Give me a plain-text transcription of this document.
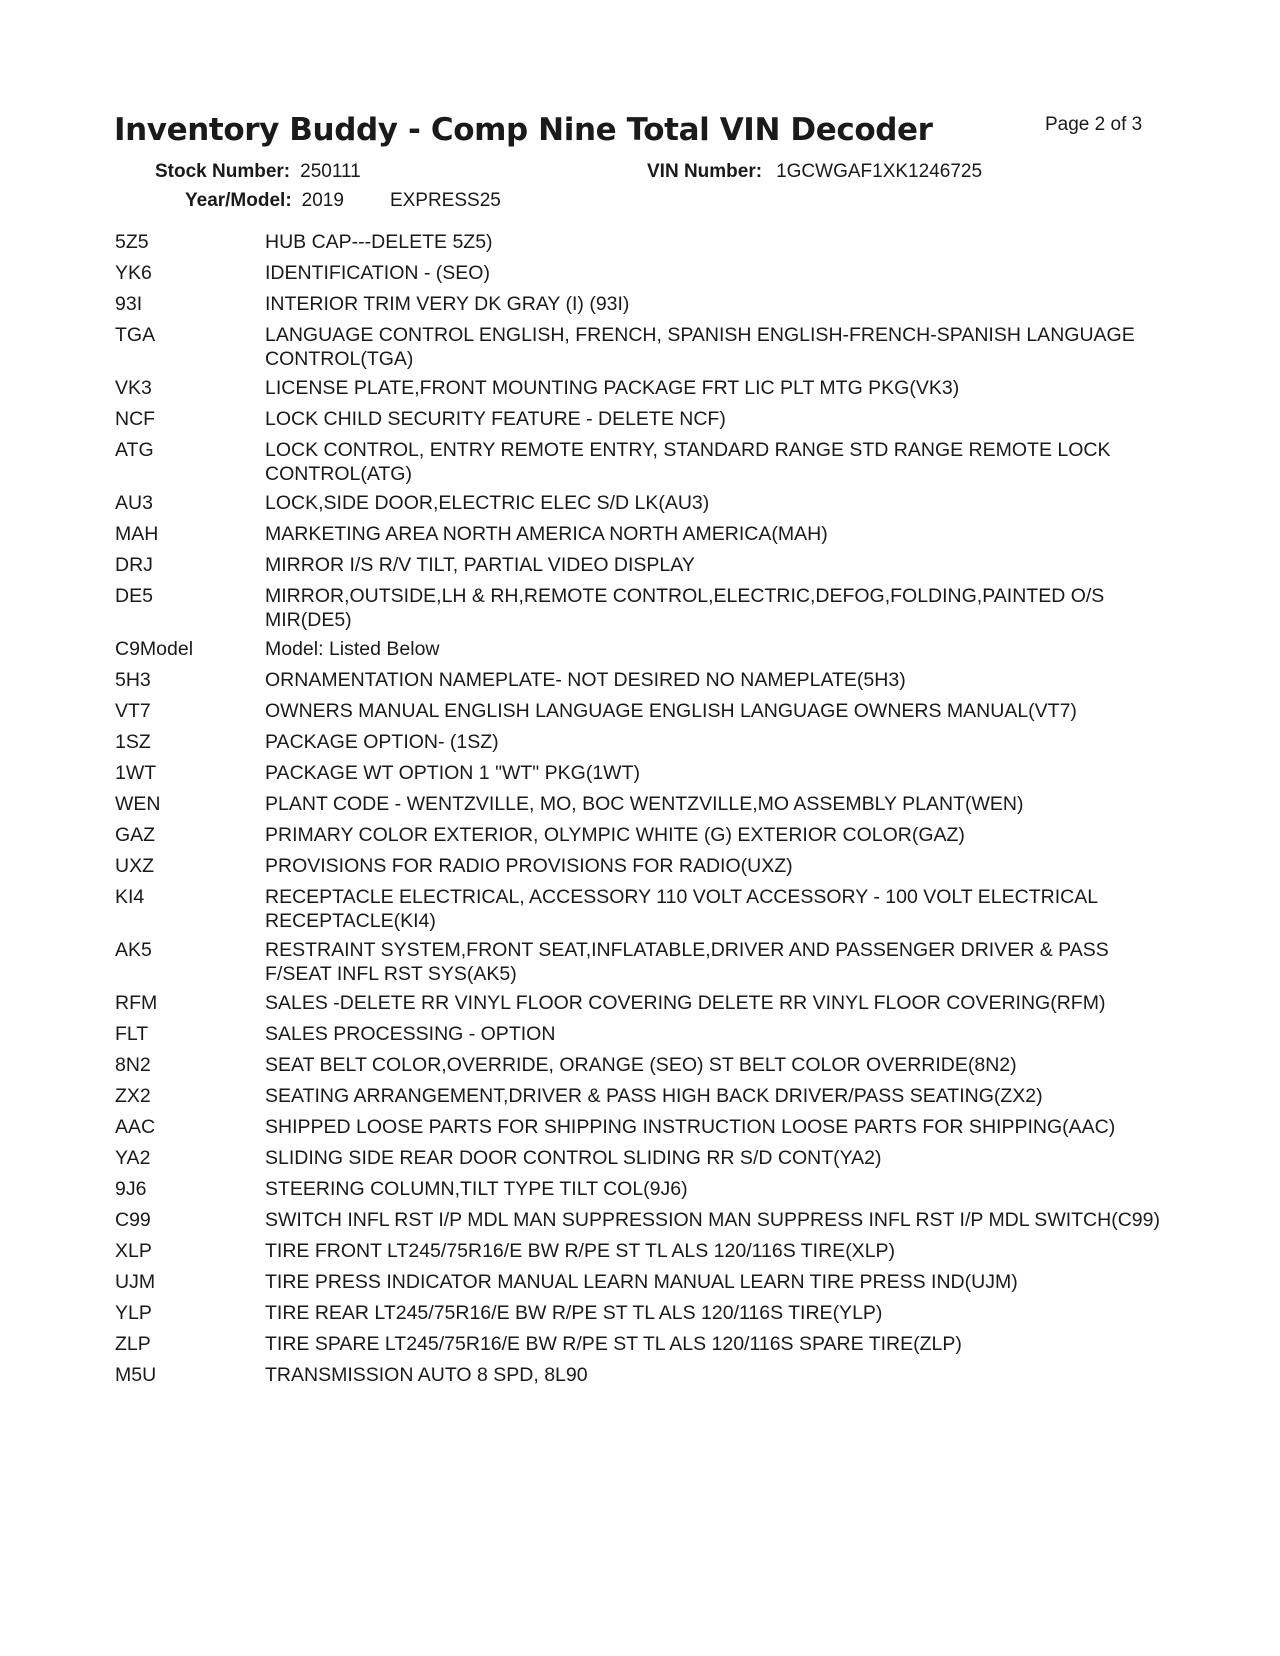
Inventory Buddy - Comp Nine Total VIN Decoder	Page 2 of 3
Stock Number: 250111	VIN Number: 1GCWGAF1XK1246725
Year/Model: 2019 EXPRESS25
5Z5	HUB CAP---DELETE 5Z5)
YK6	IDENTIFICATION - (SEO)
93I	INTERIOR TRIM VERY DK GRAY (I) (93I)
TGA	LANGUAGE CONTROL ENGLISH, FRENCH, SPANISH ENGLISH-FRENCH-SPANISH LANGUAGE CONTROL(TGA)
VK3	LICENSE PLATE,FRONT MOUNTING PACKAGE FRT LIC PLT MTG PKG(VK3)
NCF	LOCK CHILD SECURITY FEATURE - DELETE NCF)
ATG	LOCK CONTROL, ENTRY REMOTE ENTRY, STANDARD RANGE STD RANGE REMOTE LOCK CONTROL(ATG)
AU3	LOCK,SIDE DOOR,ELECTRIC ELEC S/D LK(AU3)
MAH	MARKETING AREA NORTH AMERICA NORTH AMERICA(MAH)
DRJ	MIRROR I/S R/V TILT, PARTIAL VIDEO DISPLAY
DE5	MIRROR,OUTSIDE,LH & RH,REMOTE CONTROL,ELECTRIC,DEFOG,FOLDING,PAINTED O/S MIR(DE5)
C9Model	Model: Listed Below
5H3	ORNAMENTATION NAMEPLATE- NOT DESIRED NO NAMEPLATE(5H3)
VT7	OWNERS MANUAL ENGLISH LANGUAGE ENGLISH LANGUAGE OWNERS MANUAL(VT7)
1SZ	PACKAGE OPTION- (1SZ)
1WT	PACKAGE WT OPTION 1 "WT" PKG(1WT)
WEN	PLANT CODE - WENTZVILLE, MO, BOC WENTZVILLE,MO ASSEMBLY PLANT(WEN)
GAZ	PRIMARY COLOR EXTERIOR, OLYMPIC WHITE (G) EXTERIOR COLOR(GAZ)
UXZ	PROVISIONS FOR RADIO PROVISIONS FOR RADIO(UXZ)
KI4	RECEPTACLE ELECTRICAL, ACCESSORY 110 VOLT ACCESSORY - 100 VOLT ELECTRICAL RECEPTACLE(KI4)
AK5	RESTRAINT SYSTEM,FRONT SEAT,INFLATABLE,DRIVER AND PASSENGER DRIVER & PASS F/SEAT INFL RST SYS(AK5)
RFM	SALES -DELETE RR VINYL FLOOR COVERING DELETE RR VINYL FLOOR COVERING(RFM)
FLT	SALES PROCESSING - OPTION
8N2	SEAT BELT COLOR,OVERRIDE, ORANGE (SEO) ST BELT COLOR OVERRIDE(8N2)
ZX2	SEATING ARRANGEMENT,DRIVER & PASS HIGH BACK DRIVER/PASS SEATING(ZX2)
AAC	SHIPPED LOOSE PARTS FOR SHIPPING INSTRUCTION LOOSE PARTS FOR SHIPPING(AAC)
YA2	SLIDING SIDE REAR DOOR CONTROL SLIDING RR S/D CONT(YA2)
9J6	STEERING COLUMN,TILT TYPE TILT COL(9J6)
C99	SWITCH INFL RST I/P MDL MAN SUPPRESSION MAN SUPPRESS INFL RST I/P MDL SWITCH(C99)
XLP	TIRE FRONT LT245/75R16/E BW R/PE ST TL ALS 120/116S TIRE(XLP)
UJM	TIRE PRESS INDICATOR MANUAL LEARN MANUAL LEARN TIRE PRESS IND(UJM)
YLP	TIRE REAR LT245/75R16/E BW R/PE ST TL ALS 120/116S TIRE(YLP)
ZLP	TIRE SPARE LT245/75R16/E BW R/PE ST TL ALS 120/116S SPARE TIRE(ZLP)
M5U	TRANSMISSION AUTO 8 SPD, 8L90
